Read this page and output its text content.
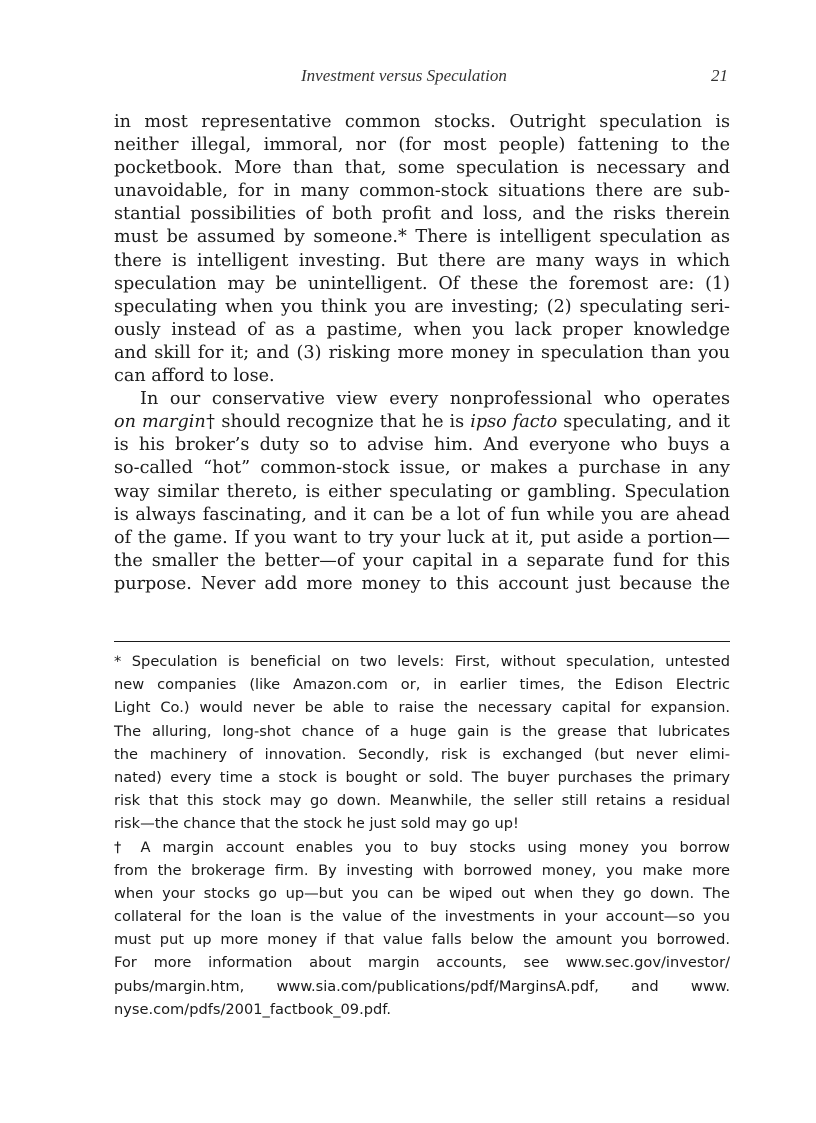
Investment versus Speculation	21
in most representative common stocks. Outright speculation is
neither illegal, immoral, nor (for most people) fattening to the
pocketbook. More than that, some speculation is necessary and
unavoidable, for in many common-stock situations there are sub-
stantial possibilities of both profit and loss, and the risks therein
must be assumed by someone.* There is intelligent speculation as
there is intelligent investing. But there are many ways in which
speculation may be unintelligent. Of these the foremost are: (1)
speculating when you think you are investing; (2) speculating seri-
ously instead of as a pastime, when you lack proper knowledge
and skill for it; and (3) risking more money in speculation than you
can afford to lose.
In our conservative view every nonprofessional who operates
on margin† should recognize that he is ipso facto speculating, and it
is his broker’s duty so to advise him. And everyone who buys a
so-called “hot” common-stock issue, or makes a purchase in any
way similar thereto, is either speculating or gambling. Speculation
is always fascinating, and it can be a lot of fun while you are ahead
of the game. If you want to try your luck at it, put aside a portion—
the smaller the better—of your capital in a separate fund for this
purpose. Never add more money to this account just because the
* Speculation is beneficial on two levels: First, without speculation, untested
new companies (like Amazon.com or, in earlier times, the Edison Electric
Light Co.) would never be able to raise the necessary capital for expansion.
The alluring, long-shot chance of a huge gain is the grease that lubricates
the machinery of innovation. Secondly, risk is exchanged (but never elimi-
nated) every time a stock is bought or sold. The buyer purchases the primary
risk that this stock may go down. Meanwhile, the seller still retains a residual
risk—the chance that the stock he just sold may go up!
† A margin account enables you to buy stocks using money you borrow
from the brokerage firm. By investing with borrowed money, you make more
when your stocks go up—but you can be wiped out when they go down. The
collateral for the loan is the value of the investments in your account—so you
must put up more money if that value falls below the amount you borrowed.
For more information about margin accounts, see www.sec.gov/investor/
pubs/margin.htm, www.sia.com/publications/pdf/MarginsA.pdf, and www.
nyse.com/pdfs/2001_factbook_09.pdf.
